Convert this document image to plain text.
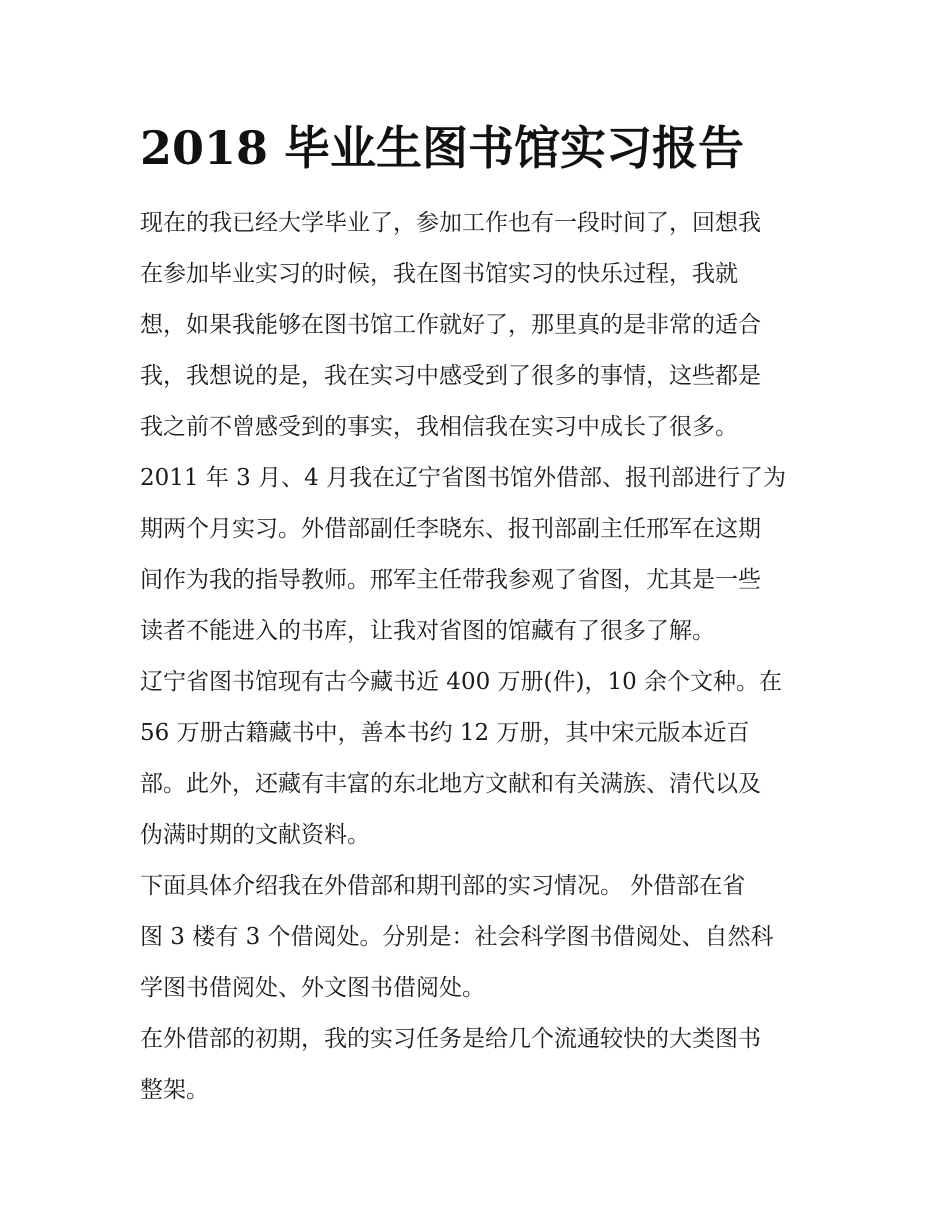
2018 毕业生图书馆实习报告

现在的我已经大学毕业了，参加工作也有一段时间了，回想我
在参加毕业实习的时候，我在图书馆实习的快乐过程，我就
想，如果我能够在图书馆工作就好了，那里真的是非常的适合
我，我想说的是，我在实习中感受到了很多的事情，这些都是
我之前不曾感受到的事实，我相信我在实习中成长了很多。

2011 年 3 月、4 月我在辽宁省图书馆外借部、报刊部进行了为
期两个月实习。外借部副任李晓东、报刊部副主任邢军在这期
间作为我的指导教师。邢军主任带我参观了省图，尤其是一些
读者不能进入的书库，让我对省图的馆藏有了很多了解。

辽宁省图书馆现有古今藏书近 400 万册(件)，10 余个文种。在
56 万册古籍藏书中，善本书约 12 万册，其中宋元版本近百
部。此外，还藏有丰富的东北地方文献和有关满族、清代以及
伪满时期的文献资料。

下面具体介绍我在外借部和期刊部的实习情况。 外借部在省
图 3 楼有 3 个借阅处。分别是：社会科学图书借阅处、自然科
学图书借阅处、外文图书借阅处。

在外借部的初期，我的实习任务是给几个流通较快的大类图书
整架。
